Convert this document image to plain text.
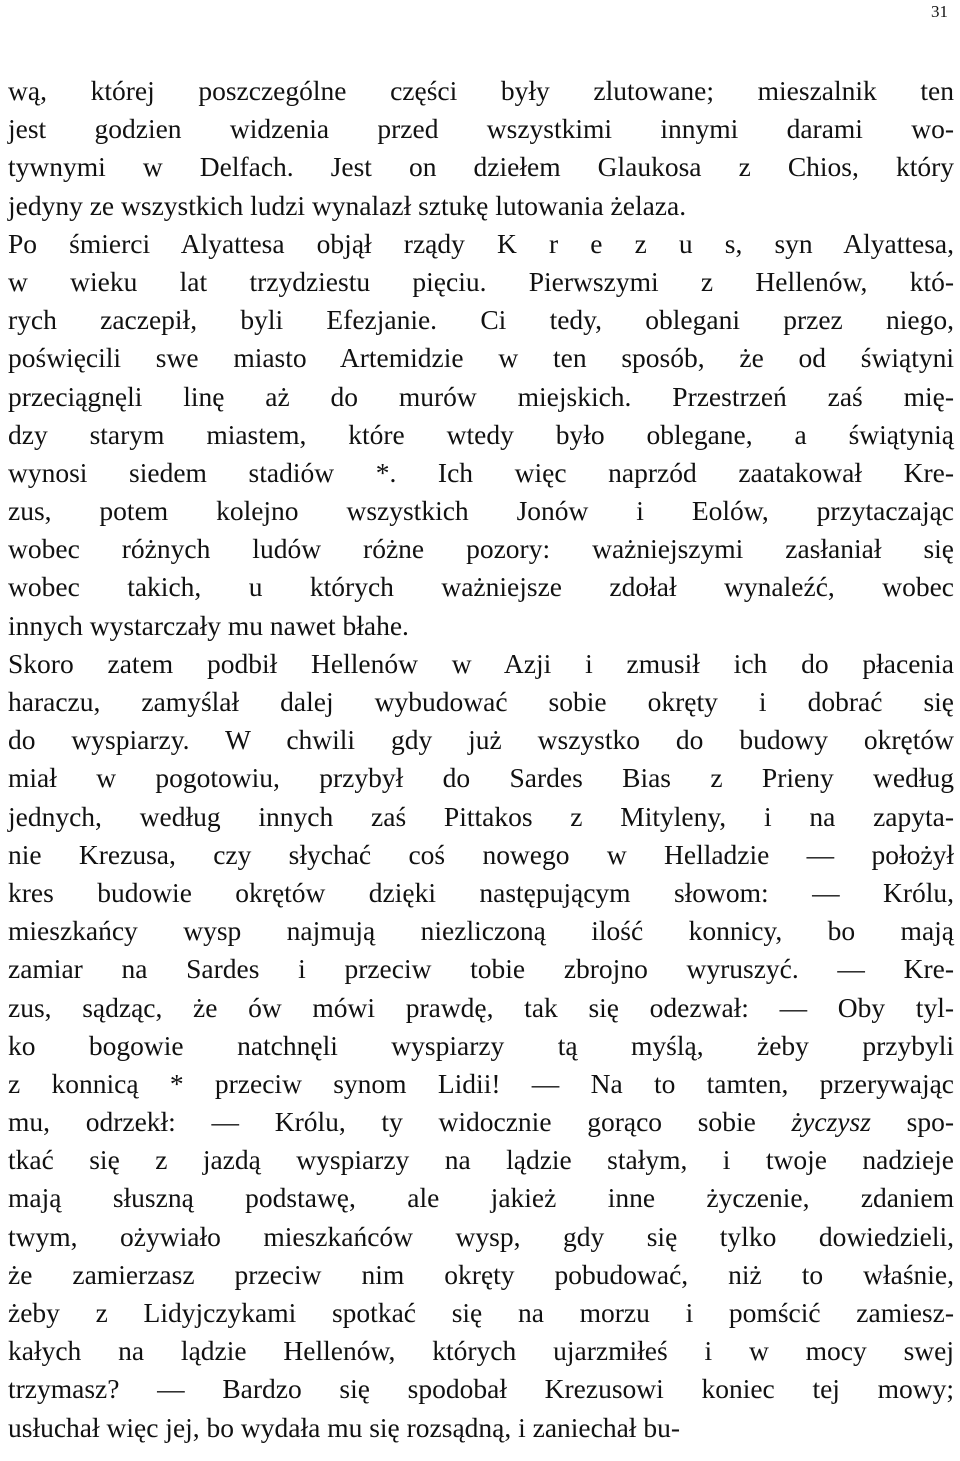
31
wą, której poszczególne części były zlutowane; mieszalnik ten
jest godzien widzenia przed wszystkimi innymi darami wo-
tywnymi w Delfach. Jest on dziełem Glaukosa z Chios, który
jedyny ze wszystkich ludzi wynalazł sztukę lutowania żelaza.
Po śmierci Alyattesa objął rządy K r e z u s, syn Alyattesa,
w wieku lat trzydziestu pięciu. Pierwszymi z Hellenów, któ-
rych zaczepił, byli Efezjanie. Ci tedy, oblegani przez niego,
poświęcili swe miasto Artemidzie w ten sposób, że od świątyni
przeciągnęli linę aż do murów miejskich. Przestrzeń zaś mię-
dzy starym miastem, które wtedy było oblegane, a świątynią
wynosi siedem stadiów *. Ich więc naprzód zaatakował Kre-
zus, potem kolejno wszystkich Jonów i Eolów, przytaczając
wobec różnych ludów różne pozory: ważniejszymi zasłaniał się
wobec takich, u których ważniejsze zdołał wynaleźć, wobec
innych wystarczały mu nawet błahe.
Skoro zatem podbił Hellenów w Azji i zmusił ich do płacenia
haraczu, zamyślał dalej wybudować sobie okręty i dobrać się
do wyspiarzy. W chwili gdy już wszystko do budowy okrętów
miał w pogotowiu, przybył do Sardes Bias z Prieny według
jednych, według innych zaś Pittakos z Mityleny, i na zapyta-
nie Krezusa, czy słychać coś nowego w Helladzie — położył
kres budowie okrętów dzięki następującym słowom: — Królu,
mieszkańcy wysp najmują niezliczoną ilość konnicy, bo mają
zamiar na Sardes i przeciw tobie zbrojno wyruszyć. — Kre-
zus, sądząc, że ów mówi prawdę, tak się odezwał: — Oby tyl-
ko bogowie natchnęli wyspiarzy tą myślą, żeby przybyli
z konnicą * przeciw synom Lidii! — Na to tamten, przerywając
mu, odrzekł: — Królu, ty widocznie gorąco sobie życzysz spo-
tkać się z jazdą wyspiarzy na lądzie stałym, i twoje nadzieje
mają słuszną podstawę, ale jakież inne życzenie, zdaniem
twym, ożywiało mieszkańców wysp, gdy się tylko dowiedzieli,
że zamierzasz przeciw nim okręty pobudować, niż to właśnie,
żeby z Lidyjczykami spotkać się na morzu i pomścić zamiesz-
kałych na lądzie Hellenów, których ujarzmiłeś i w mocy swej
trzymasz? — Bardzo się spodobał Krezusowi koniec tej mowy;
usłuchał więc jej, bo wydała mu się rozsądną, i zaniechał bu-
